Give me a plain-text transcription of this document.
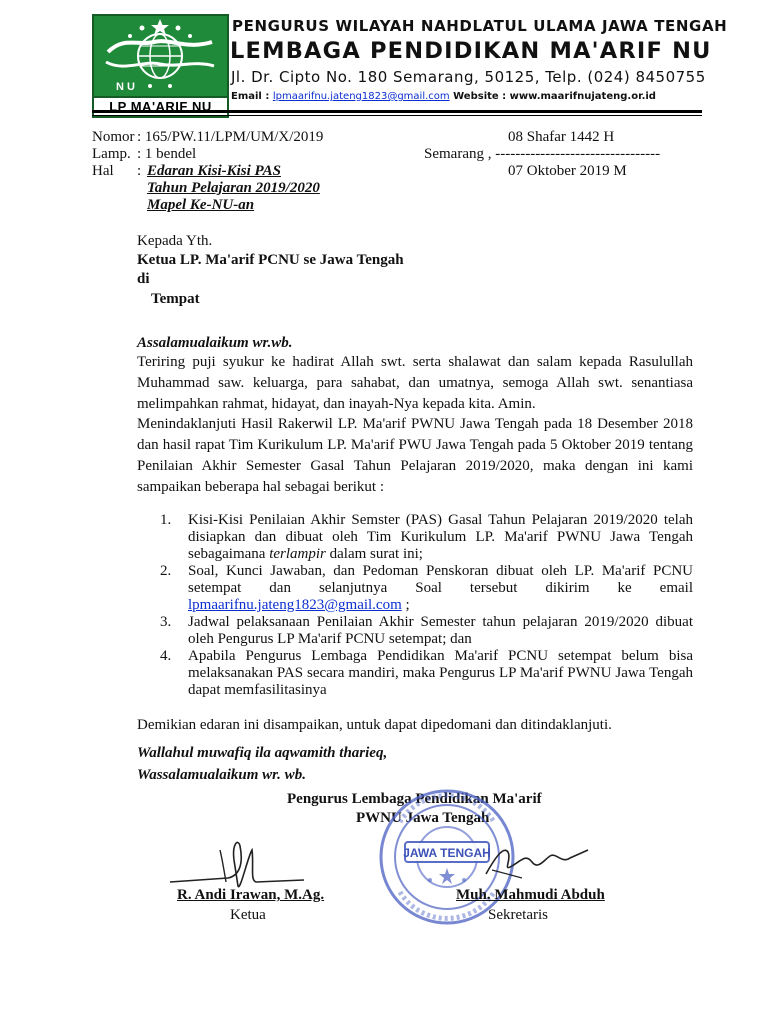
N U
LP MA'ARIF NU
PENGURUS WILAYAH NAHDLATUL ULAMA JAWA TENGAH
LEMBAGA PENDIDIKAN MA'ARIF NU
Jl. Dr. Cipto No. 180 Semarang, 50125, Telp. (024) 8450755
Email : lpmaarifnu.jateng1823@gmail.com Website : www.maarifnujateng.or.id
Nomor : 165/PW.11/LPM/UM/X/2019
Lamp. : 1 bendel
Hal : Edaran Kisi-Kisi PAS
Tahun Pelajaran 2019/2020
Mapel Ke-NU-an
08 Shafar 1442 H
Semarang , ---------------------------------
07 Oktober 2019 M
Kepada Yth.
Ketua LP. Ma'arif PCNU se Jawa Tengah
di
Tempat
Assalamualaikum wr.wb.
Teriring puji syukur ke hadirat Allah swt. serta shalawat dan salam kepada Rasulullah Muhammad saw. keluarga, para sahabat, dan umatnya, semoga Allah swt. senantiasa melimpahkan rahmat, hidayat, dan inayah-Nya kepada kita. Amin.
Menindaklanjuti Hasil Rakerwil LP. Ma'arif PWNU Jawa Tengah pada 18 Desember 2018 dan hasil rapat Tim Kurikulum LP. Ma'arif PWU Jawa Tengah pada 5 Oktober 2019 tentang Penilaian Akhir Semester Gasal Tahun Pelajaran 2019/2020, maka dengan ini kami sampaikan beberapa hal sebagai berikut :
1.	Kisi-Kisi Penilaian Akhir Semster (PAS) Gasal Tahun Pelajaran 2019/2020 telah disiapkan dan dibuat oleh Tim Kurikulum LP. Ma'arif PWNU Jawa Tengah sebagaimana terlampir dalam surat ini;
2.	Soal, Kunci Jawaban, dan Pedoman Penskoran dibuat oleh LP. Ma'arif PCNU setempat dan selanjutnya Soal tersebut dikirim ke email lpmaarifnu.jateng1823@gmail.com ;
3.	Jadwal pelaksanaan Penilaian Akhir Semester tahun pelajaran 2019/2020 dibuat oleh Pengurus LP Ma'arif PCNU setempat; dan
4.	Apabila Pengurus Lembaga Pendidikan Ma'arif PCNU setempat belum bisa melaksanakan PAS secara mandiri, maka Pengurus LP Ma'arif PWNU Jawa Tengah dapat memfasilitasinya
Demikian edaran ini disampaikan, untuk dapat dipedomani dan ditindaklanjuti.
Wallahul muwafiq ila aqwamith tharieq,
Wassalamualaikum wr. wb.
Pengurus Lembaga Pendidikan Ma'arif
PWNU Jawa Tengah
JAWA TENGAH
R. Andi Irawan, M.Ag.
Ketua
Muh. Mahmudi Abduh
Sekretaris
